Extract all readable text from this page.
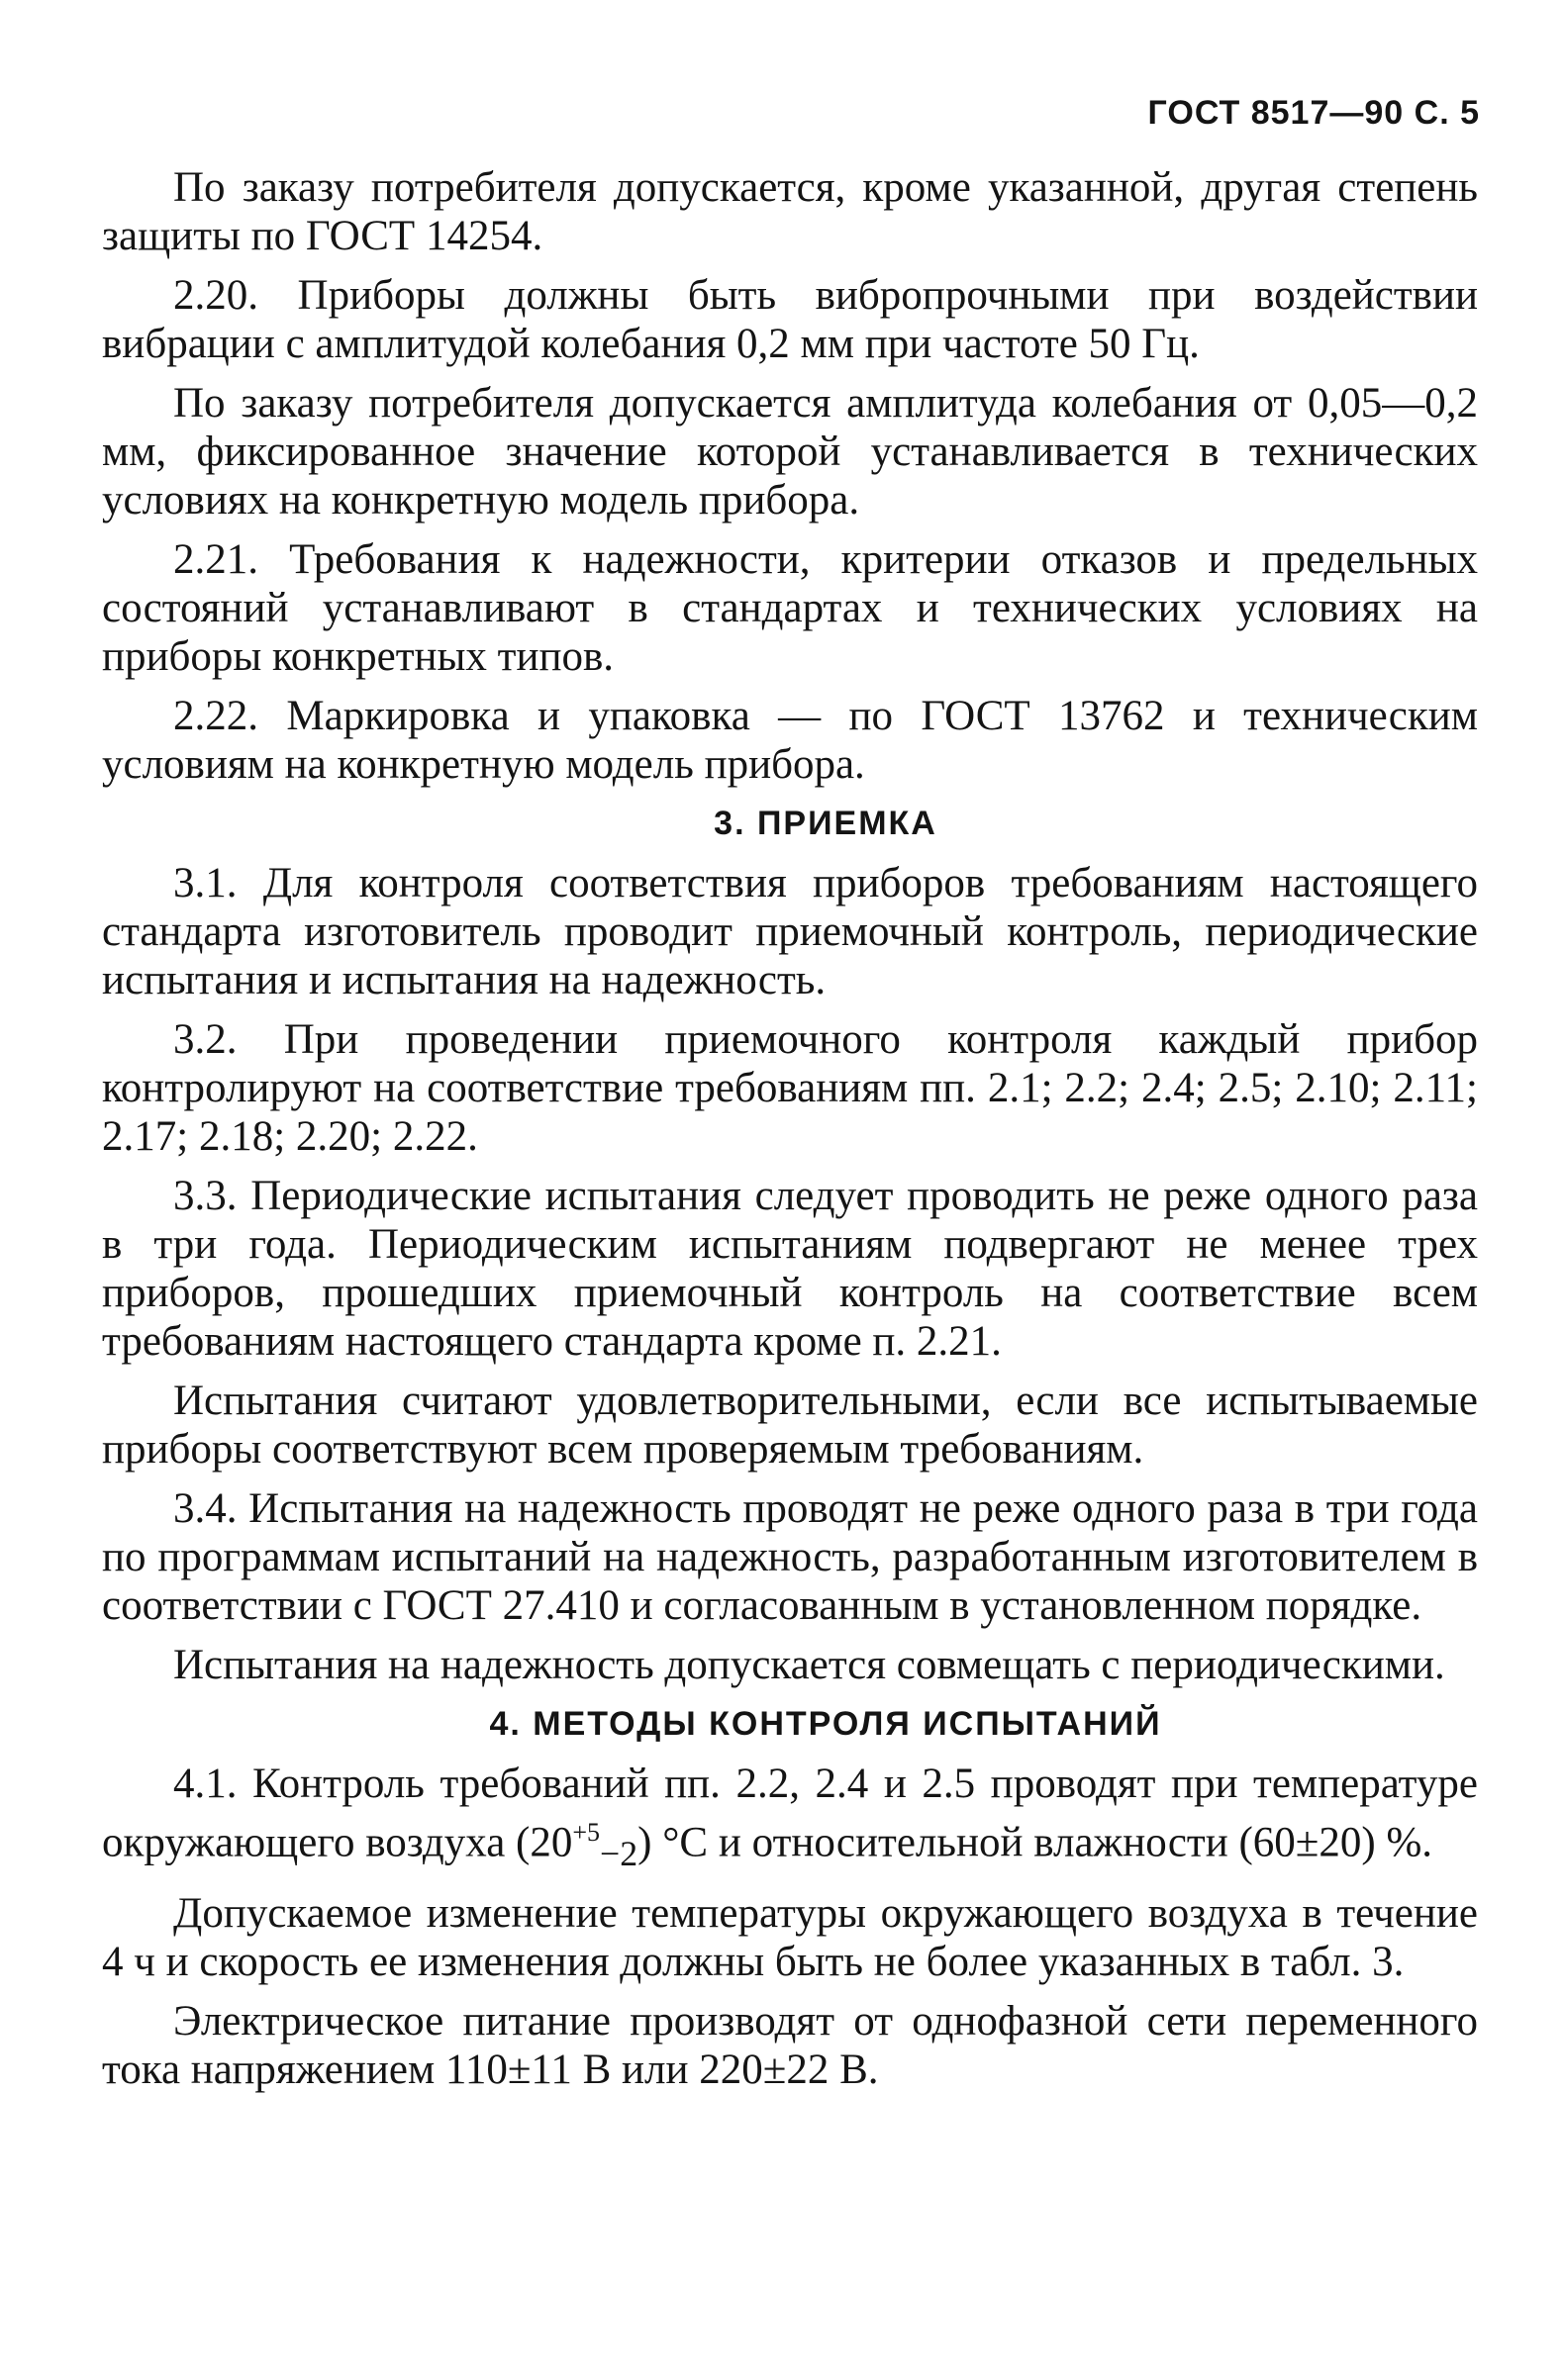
ГОСТ 8517—90 С. 5

По заказу потребителя допускается, кроме указанной, другая степень защиты по ГОСТ 14254.

2.20. Приборы должны быть вибропрочными при воздействии вибрации с амплитудой колебания 0,2 мм при частоте 50 Гц.

По заказу потребителя допускается амплитуда колебания от 0,05—0,2 мм, фиксированное значение которой устанавливается в технических условиях на конкретную модель прибора.

2.21. Требования к надежности, критерии отказов и предельных состояний устанавливают в стандартах и технических условиях на приборы конкретных типов.

2.22. Маркировка и упаковка — по ГОСТ 13762 и техническим условиям на конкретную модель прибора.

3. ПРИЕМКА

3.1. Для контроля соответствия приборов требованиям настоящего стандарта изготовитель проводит приемочный контроль, периодические испытания и испытания на надежность.

3.2. При проведении приемочного контроля каждый прибор контролируют на соответствие требованиям пп. 2.1; 2.2; 2.4; 2.5; 2.10; 2.11; 2.17; 2.18; 2.20; 2.22.

3.3. Периодические испытания следует проводить не реже одного раза в три года. Периодическим испытаниям подвергают не менее трех приборов, прошедших приемочный контроль на соответствие всем требованиям настоящего стандарта кроме п. 2.21.

Испытания считают удовлетворительными, если все испытываемые приборы соответствуют всем проверяемым требованиям.

3.4. Испытания на надежность проводят не реже одного раза в три года по программам испытаний на надежность, разработанным изготовителем в соответствии с ГОСТ 27.410 и согласованным в установленном порядке.

Испытания на надежность допускается совмещать с периодическими.

4. МЕТОДЫ КОНТРОЛЯ ИСПЫТАНИЙ

4.1. Контроль требований пп. 2.2, 2.4 и 2.5 проводят при температуре окружающего воздуха $(20^{+5}_{-2})$ °С и относительной влажности (60±20) %.

Допускаемое изменение температуры окружающего воздуха в течение 4 ч и скорость ее изменения должны быть не более указанных в табл. 3.

Электрическое питание производят от однофазной сети переменного тока напряжением 110±11 В или 220±22 В.
